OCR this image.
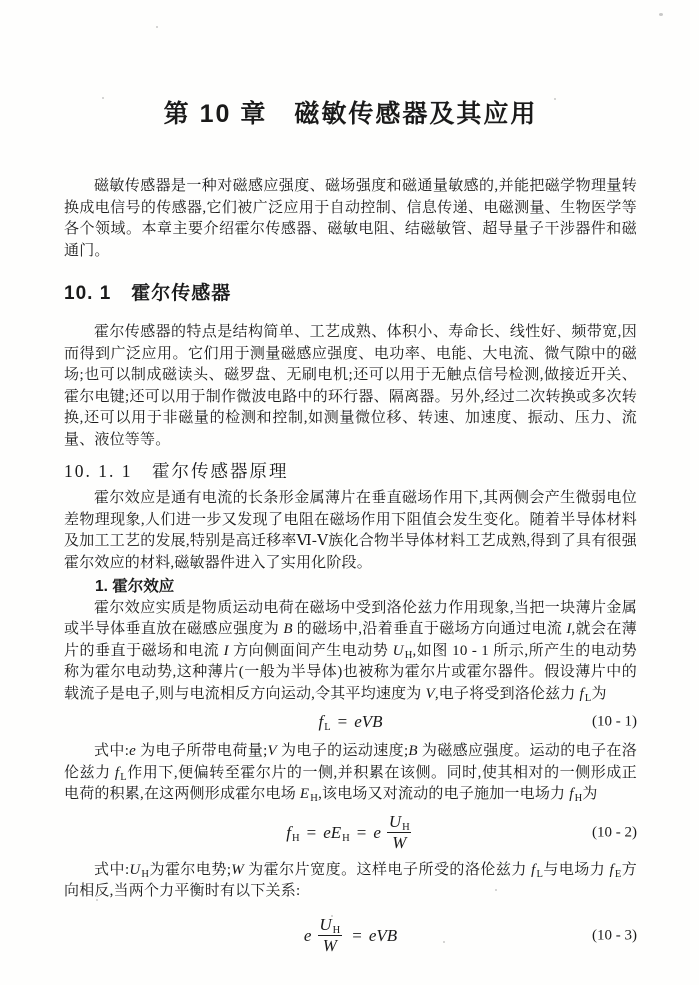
第 10 章　磁敏传感器及其应用

磁敏传感器是一种对磁感应强度、磁场强度和磁通量敏感的,并能把磁学物理量转换成电信号的传感器,它们被广泛应用于自动控制、信息传递、电磁测量、生物医学等各个领域。本章主要介绍霍尔传感器、磁敏电阻、结磁敏管、超导量子干涉器件和磁通门。

10. 1　霍尔传感器

霍尔传感器的特点是结构简单、工艺成熟、体积小、寿命长、线性好、频带宽,因而得到广泛应用。它们用于测量磁感应强度、电功率、电能、大电流、微气隙中的磁场;也可以制成磁读头、磁罗盘、无刷电机;还可以用于无触点信号检测,做接近开关、霍尔电键;还可以用于制作微波电路中的环行器、隔离器。另外,经过二次转换或多次转换,还可以用于非磁量的检测和控制,如测量微位移、转速、加速度、振动、压力、流量、液位等等。

10. 1. 1　霍尔传感器原理

霍尔效应是通有电流的长条形金属薄片在垂直磁场作用下,其两侧会产生微弱电位差物理现象,人们进一步又发现了电阻在磁场作用下阻值会发生变化。随着半导体材料及加工工艺的发展,特别是高迁移率Ⅵ-Ⅴ族化合物半导体材料工艺成熟,得到了具有很强霍尔效应的材料,磁敏器件进入了实用化阶段。

1. 霍尔效应

霍尔效应实质是物质运动电荷在磁场中受到洛伦兹力作用现象,当把一块薄片金属或半导体垂直放在磁感应强度为 B 的磁场中,沿着垂直于磁场方向通过电流 I,就会在薄片的垂直于磁场和电流 I 方向侧面间产生电动势 $U_H$,如图 10 - 1 所示,所产生的电动势称为霍尔电动势,这种薄片(一般为半导体)也被称为霍尔片或霍尔器件。假设薄片中的载流子是电子,则与电流相反方向运动,令其平均速度为 V,电子将受到洛伦兹力 $f_L$为

$f_L$ = eVB	(10 - 1)

式中:e 为电子所带电荷量;V 为电子的运动速度;B 为磁感应强度。运动的电子在洛伦兹力 $f_L$作用下,便偏转至霍尔片的一侧,并积累在该侧。同时,使其相对的一侧形成正电荷的积累,在这两侧形成霍尔电场 $E_H$,该电场又对流动的电子施加一电场力 $f_H$为

$f_H = eE_H = e \frac{U_H}{W}$	(10 - 2)

式中$:U_H$为霍尔电势;W 为霍尔片宽度。这样电子所受的洛伦兹力 $f_L$与电场力 $f_E$方向相反,当两个力平衡时有以下关系:

e $\frac{U_H}{W}$ = eVB	(10 - 3)
